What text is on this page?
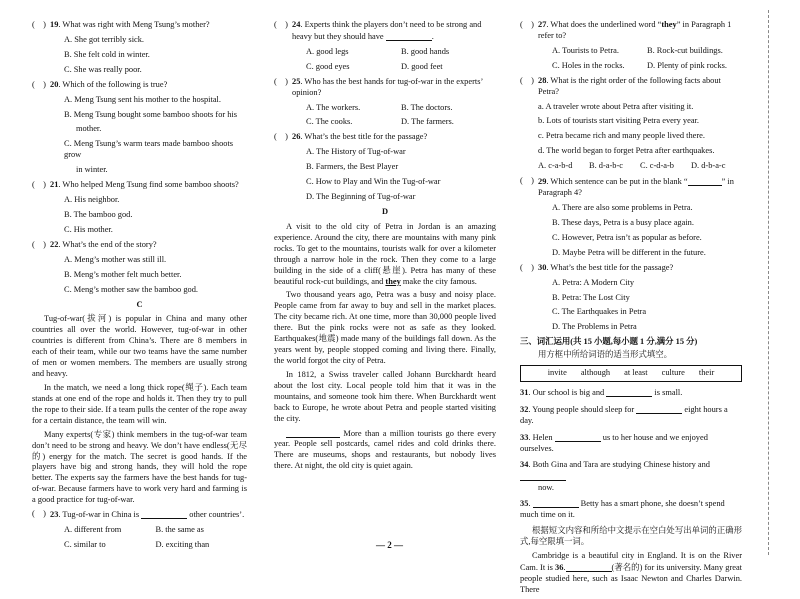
(    ) 19. What was right with Meng Tsung’s mother?
A. She got terribly sick.
B. She felt cold in winter.
C. She was really poor.
(    ) 20. Which of the following is true?
A. Meng Tsung sent his mother to the hospital.
B. Meng Tsung bought some bamboo shoots for his
mother.
C. Meng Tsung’s warm tears made bamboo shoots grow
in winter.
(    ) 21. Who helped Meng Tsung find some bamboo shoots?
A. His neighbor.
B. The bamboo god.
C. His mother.
(    ) 22. What’s the end of the story?
A. Meng’s mother was still ill.
B. Meng’s mother felt much better.
C. Meng’s mother saw the bamboo god.
C

Tug-of-war(拔河) is popular in China and many other countries all over the world. However, tug-of-war in other countries is different from China’s. There are 8 members in each of their team, while our two teams have the same number of men or women members. The members are usually strong and heavy.

In the match, we need a long thick rope(绳子). Each team stands at one end of the rope and holds it. Then they try to pull the rope to their side. If a team pulls the center of the rope away for a certain distance, the team will win.

Many experts(专家) think members in the tug-of-war team don’t need to be strong and heavy. We don’t have endless(无尽的) energy for the match. The secret is good hands. If the players have big and strong hands, they will hold the rope better. The experts say the farmers have the best hands for tug-of-war. Because farmers have to work very hard and farming is a good practice for tug-of-war.

(    ) 23. Tug-of-war in China is	other countries’.
A. different from	B. the same as
C. similar to	D. exciting than
(    ) 24. Experts think the players don’t need to be strong and
heavy but they should have	.
A. good legs	B. good hands
C. good eyes	D. good feet
(    ) 25. Who has the best hands for tug-of-war in the experts’
opinion?
A. The workers.	B. The doctors.
C. The cooks.	D. The farmers.
(    ) 26. What’s the best title for the passage?
A. The History of Tug-of-war
B. Farmers, the Best Player
C. How to Play and Win the Tug-of-war
D. The Beginning of Tug-of-war
D

A visit to the old city of Petra in Jordan is an amazing experience. Around the city, there are mountains with many pink rocks. To get to the mountains, tourists walk for over a kilometer through a narrow hole in the rock. Then they come to a large building in the side of a cliff(悬崖). Petra has many of these beautiful rock-cut buildings, and they make the city famous.

Two thousand years ago, Petra was a busy and noisy place. People came from far away to buy and sell in the market places. The city became rich. At one time, more than 30,000 people lived there. But the pink rocks were not as safe as they looked. Earthquakes(地震) made many of the buildings fall down. As the years went by, people stopped coming and living there. Finally, the world forgot the city of Petra.

In 1812, a Swiss traveler called Johann Burckhardt heard about the lost city. Local people told him that it was in the mountains, and someone took him there. When Burckhardt went back to Europe, he wrote about Petra and people started visiting the city.

More than a million tourists go there every year. People sell postcards, camel rides and cold drinks there. There are museums, shops and restaurants, but nobody lives there. At night, the old city is quiet again.

(    ) 27. What does the underlined word “they” in Paragraph 1
refer to?
A. Tourists to Petra.	B. Rock-cut buildings.
C. Holes in the rocks.	D. Plenty of pink rocks.
(    ) 28. What is the right order of the following facts about Petra?
a. A traveler wrote about Petra after visiting it.
b. Lots of tourists start visiting Petra every year.
c. Petra became rich and many people lived there.
d. The world began to forget Petra after earthquakes.
A. c-a-b-d	B. d-a-b-c	C. c-d-a-b	D. d-b-a-c
(    ) 29. Which sentence can be put in the blank “	” in
Paragraph 4?
A. There are also some problems in Petra.
B. These days, Petra is a busy place again.
C. However, Petra isn’t as popular as before.
D. Maybe Petra will be different in the future.
(    ) 30. What’s the best title for the passage?
A. Petra: A Modern City
B. Petra: The Lost City
C. The Earthquakes in Petra
D. The Problems in Petra
三、词汇运用(共 15 小题,每小题 1 分,满分 15 分)
用方框中所给词语的适当形式填空。
invite although at least culture their
31. Our school is big and	is small.
32. Young people should sleep for	eight hours a day.
33. Helen	us to her house and we enjoyed ourselves.
34. Both Gina and Tara are studying Chinese history and
now.
35.	Betty has a smart phone, she doesn’t spend much time on it.

根据短文内容和所给中文提示在空白处写出单词的正确形式,每空限填一词。

Cambridge is a beautiful city in England. It is on the River Cam. It is 36.	(著名的) for its university. Many great people studied here, such as Isaac Newton and Charles Darwin. There

— 2 —
